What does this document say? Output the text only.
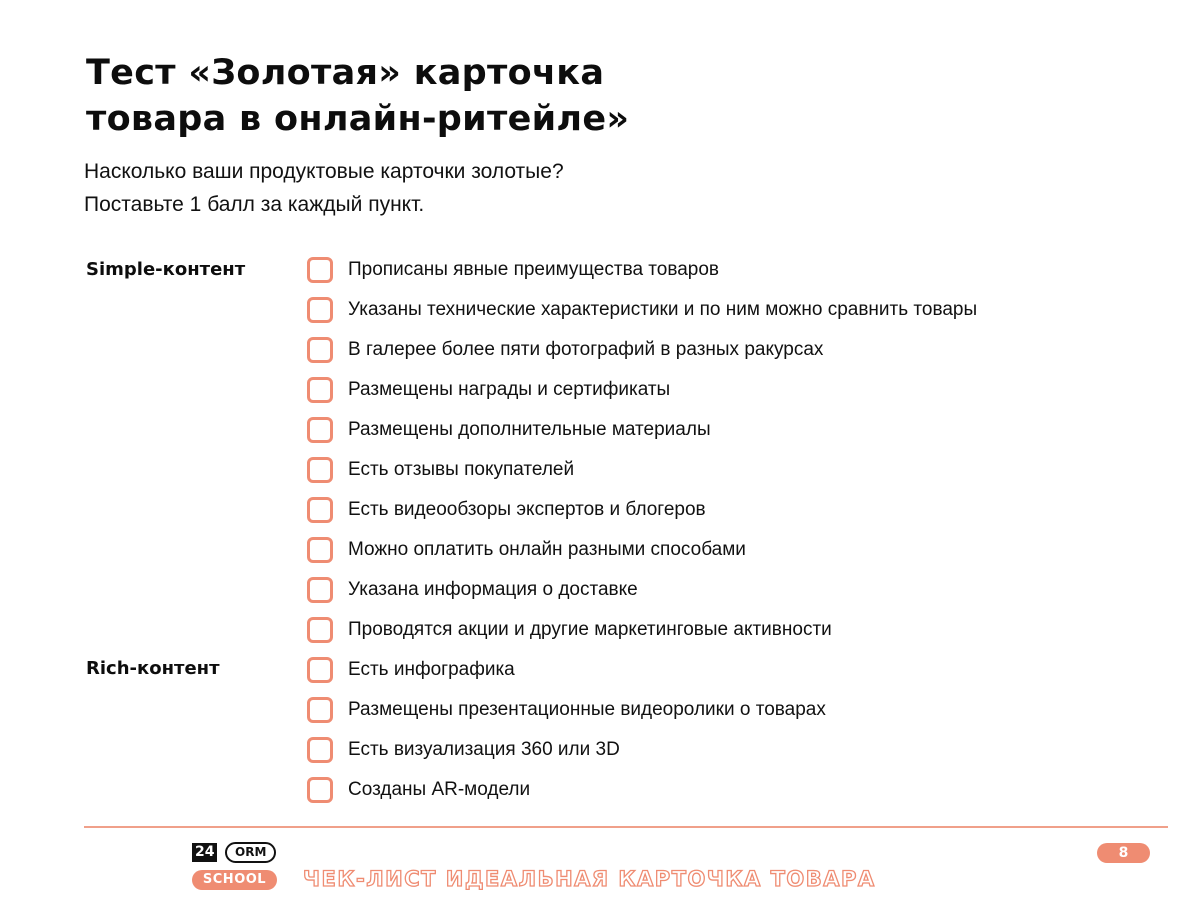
Тест «Золотая» карточка
товара в онлайн-ритейле»
Насколько ваши продуктовые карточки золотые?
Поставьте 1 балл за каждый пункт.
Simple-контент
Rich-контент
Прописаны явные преимущества товаров
Указаны технические характеристики и по ним можно сравнить товары
В галерее более пяти фотографий в разных ракурсах
Размещены награды и сертификаты
Размещены дополнительные материалы
Есть отзывы покупателей
Есть видеообзоры экспертов и блогеров
Можно оплатить онлайн разными способами
Указана информация о доставке
Проводятся акции и другие маркетинговые активности
Есть инфографика
Размещены презентационные видеоролики о товарах
Есть визуализация 360 или 3D
Созданы AR-модели
24	ORM
SCHOOL	ЧЕК-ЛИСТ ИДЕАЛЬНАЯ КАРТОЧКА ТОВАРА
8
